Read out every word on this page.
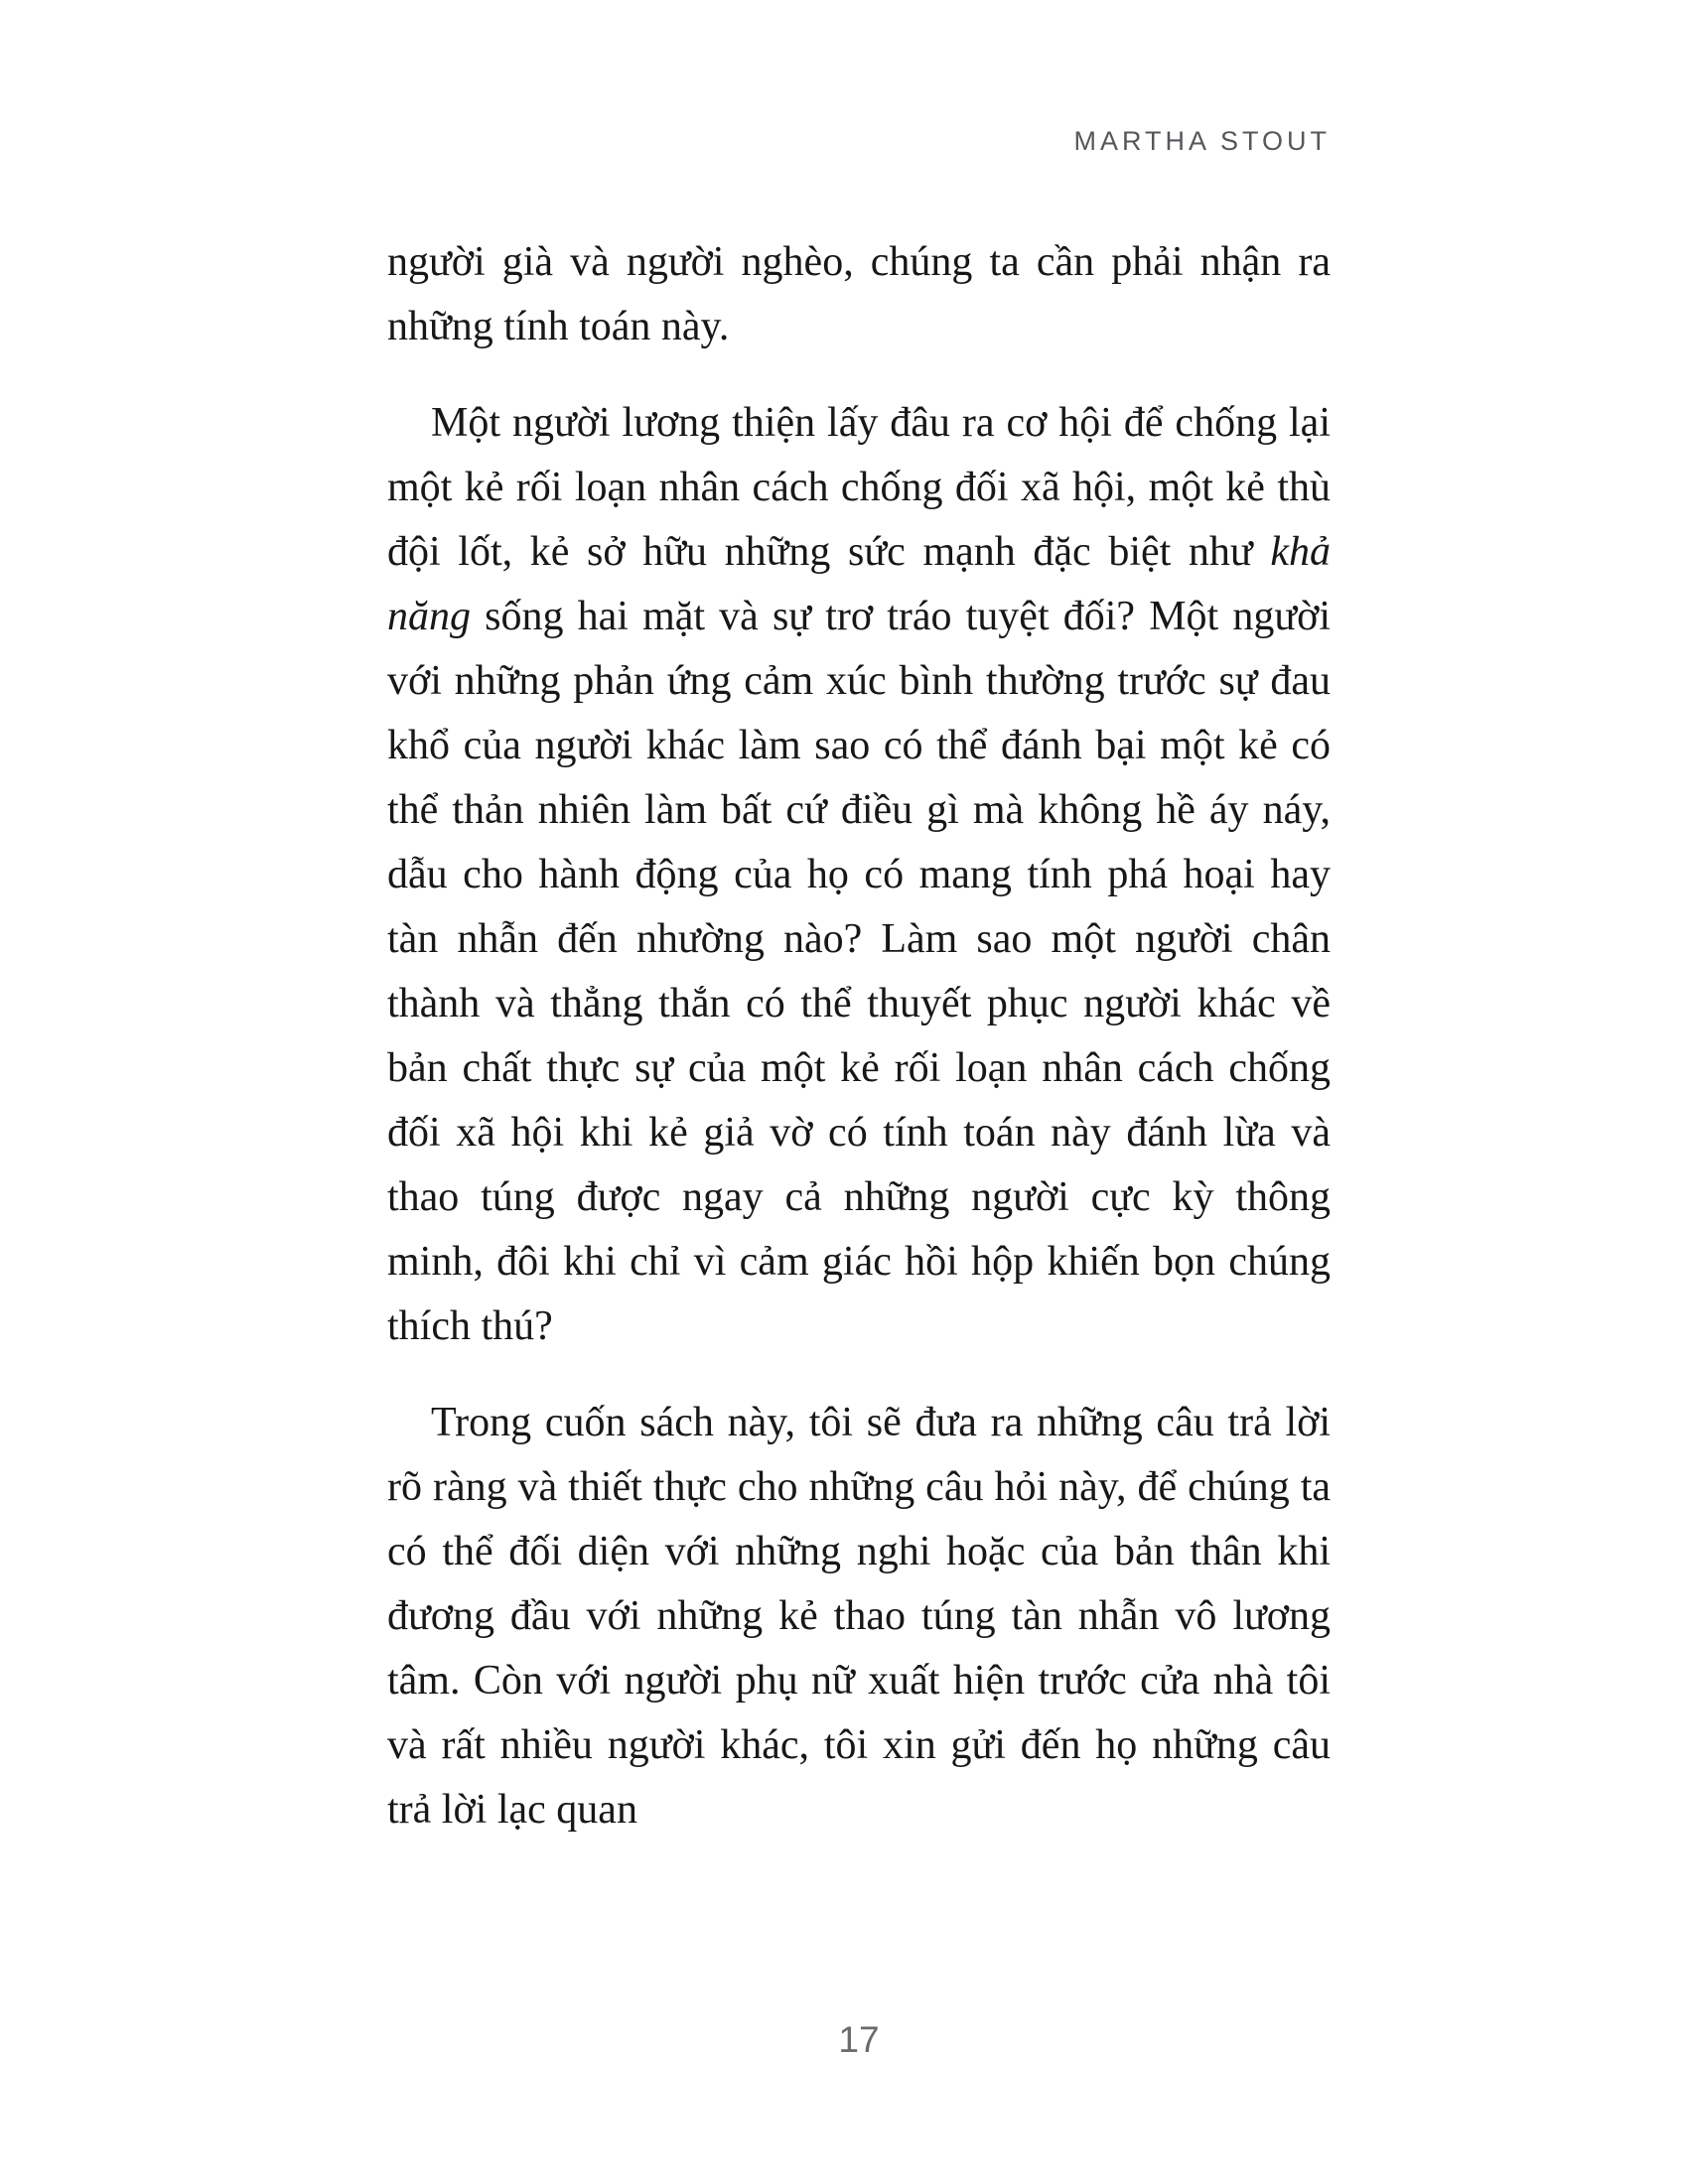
MARTHA STOUT

người già và người nghèo, chúng ta cần phải nhận ra những tính toán này.

Một người lương thiện lấy đâu ra cơ hội để chống lại một kẻ rối loạn nhân cách chống đối xã hội, một kẻ thù đội lốt, kẻ sở hữu những sức mạnh đặc biệt như khả năng sống hai mặt và sự trơ tráo tuyệt đối? Một người với những phản ứng cảm xúc bình thường trước sự đau khổ của người khác làm sao có thể đánh bại một kẻ có thể thản nhiên làm bất cứ điều gì mà không hề áy náy, dẫu cho hành động của họ có mang tính phá hoại hay tàn nhẫn đến nhường nào? Làm sao một người chân thành và thẳng thắn có thể thuyết phục người khác về bản chất thực sự của một kẻ rối loạn nhân cách chống đối xã hội khi kẻ giả vờ có tính toán này đánh lừa và thao túng được ngay cả những người cực kỳ thông minh, đôi khi chỉ vì cảm giác hồi hộp khiến bọn chúng thích thú?

Trong cuốn sách này, tôi sẽ đưa ra những câu trả lời rõ ràng và thiết thực cho những câu hỏi này, để chúng ta có thể đối diện với những nghi hoặc của bản thân khi đương đầu với những kẻ thao túng tàn nhẫn vô lương tâm. Còn với người phụ nữ xuất hiện trước cửa nhà tôi và rất nhiều người khác, tôi xin gửi đến họ những câu trả lời lạc quan

17
